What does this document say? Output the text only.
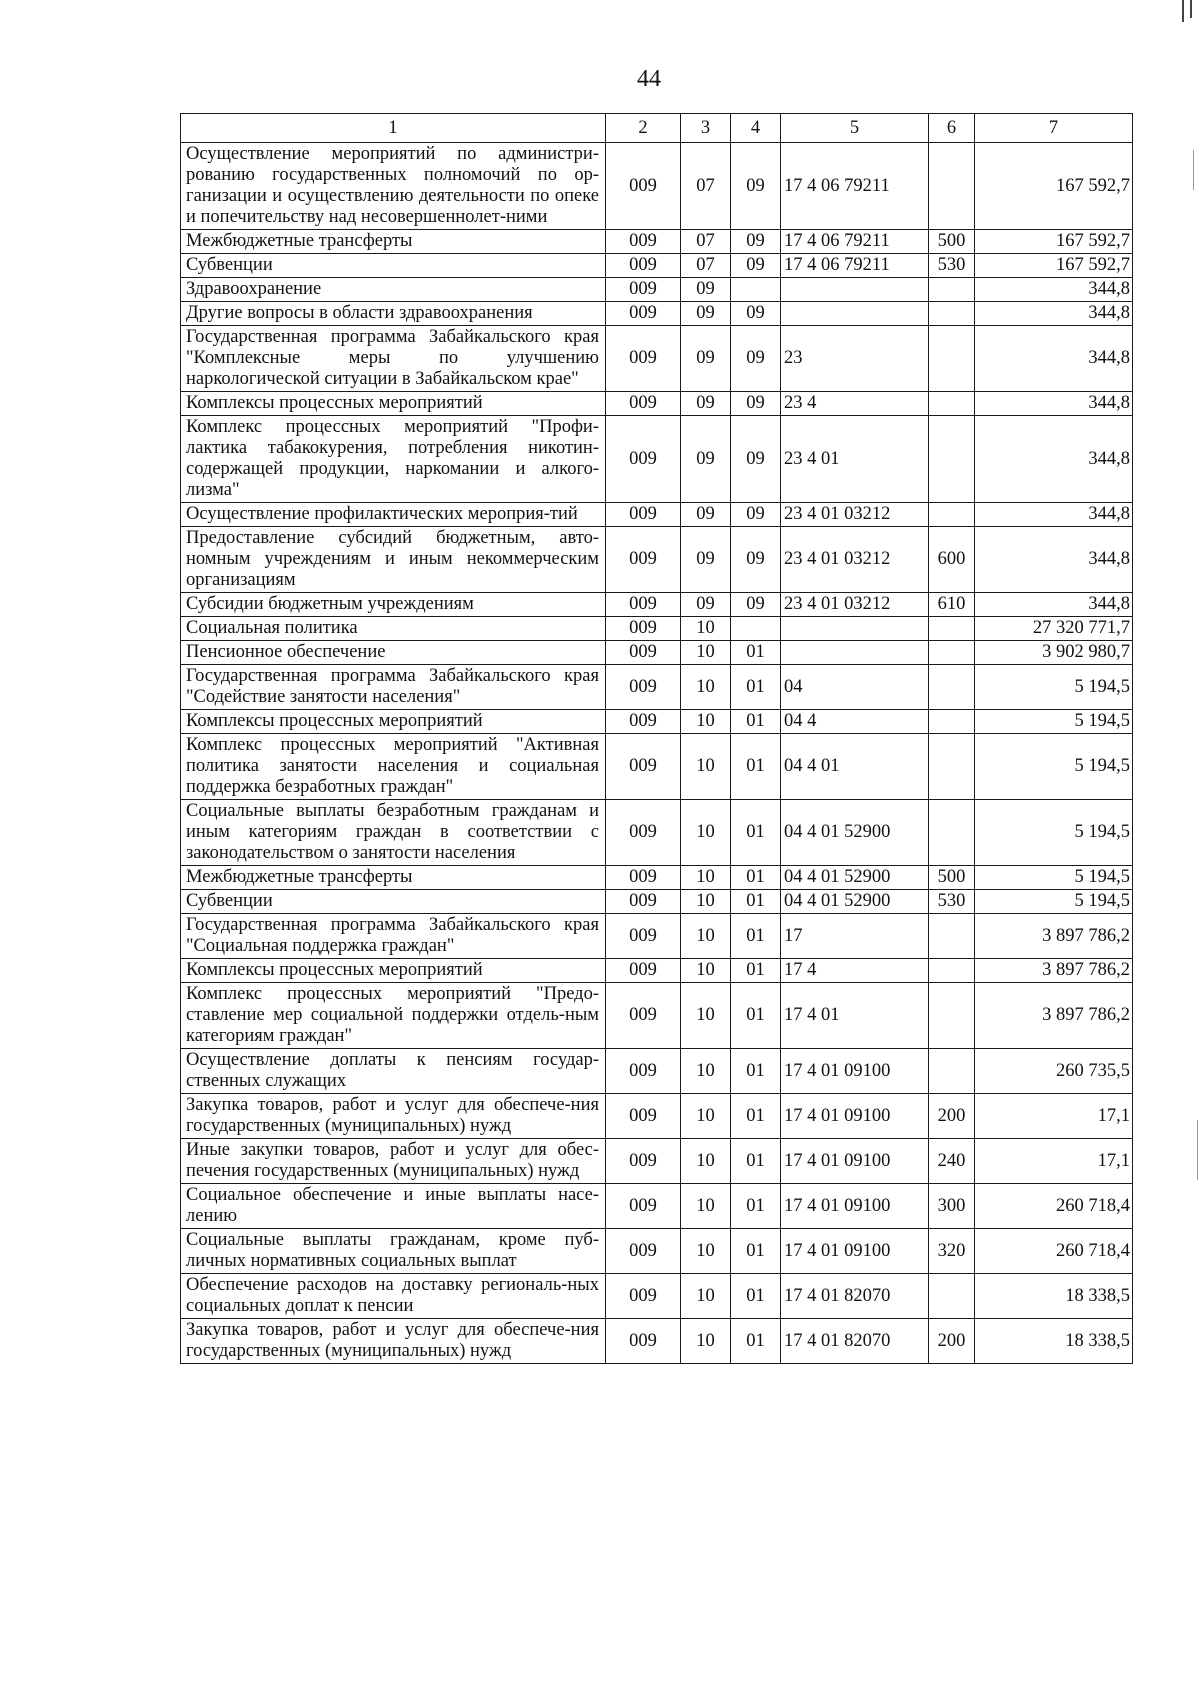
44
1	2	3	4	5	6	7
Осуществление мероприятий по администри-рованию государственных полномочий по ор-ганизации и осуществлению деятельности по опеке и попечительству над несовершеннолет-ними	009	07	09	17 4 06 79211		167 592,7
Межбюджетные трансферты	009	07	09	17 4 06 79211	500	167 592,7
Субвенции	009	07	09	17 4 06 79211	530	167 592,7
Здравоохранение	009	09				344,8
Другие вопросы в области здравоохранения	009	09	09			344,8
Государственная программа Забайкальского края "Комплексные меры по улучшению наркологической ситуации в Забайкальском крае"	009	09	09	23		344,8
Комплексы процессных мероприятий	009	09	09	23 4		344,8
Комплекс процессных мероприятий "Профи-лактика табакокурения, потребления никотин-содержащей продукции, наркомании и алкого-лизма"	009	09	09	23 4 01		344,8
Осуществление профилактических мероприя-тий	009	09	09	23 4 01 03212		344,8
Предоставление субсидий бюджетным, авто-номным учреждениям и иным некоммерческим организациям	009	09	09	23 4 01 03212	600	344,8
Субсидии бюджетным учреждениям	009	09	09	23 4 01 03212	610	344,8
Социальная политика	009	10				27 320 771,7
Пенсионное обеспечение	009	10	01			3 902 980,7
Государственная программа Забайкальского края "Содействие занятости населения"	009	10	01	04		5 194,5
Комплексы процессных мероприятий	009	10	01	04 4		5 194,5
Комплекс процессных мероприятий "Активная политика занятости населения и социальная поддержка безработных граждан"	009	10	01	04 4 01		5 194,5
Социальные выплаты безработным гражданам и иным категориям граждан в соответствии с законодательством о занятости населения	009	10	01	04 4 01 52900		5 194,5
Межбюджетные трансферты	009	10	01	04 4 01 52900	500	5 194,5
Субвенции	009	10	01	04 4 01 52900	530	5 194,5
Государственная программа Забайкальского края "Социальная поддержка граждан"	009	10	01	17		3 897 786,2
Комплексы процессных мероприятий	009	10	01	17 4		3 897 786,2
Комплекс процессных мероприятий "Предо-ставление мер социальной поддержки отдель-ным категориям граждан"	009	10	01	17 4 01		3 897 786,2
Осуществление доплаты к пенсиям государ-ственных служащих	009	10	01	17 4 01 09100		260 735,5
Закупка товаров, работ и услуг для обеспече-ния государственных (муниципальных) нужд	009	10	01	17 4 01 09100	200	17,1
Иные закупки товаров, работ и услуг для обес-печения государственных (муниципальных) нужд	009	10	01	17 4 01 09100	240	17,1
Социальное обеспечение и иные выплаты насе-лению	009	10	01	17 4 01 09100	300	260 718,4
Социальные выплаты гражданам, кроме пуб-личных нормативных социальных выплат	009	10	01	17 4 01 09100	320	260 718,4
Обеспечение расходов на доставку региональ-ных социальных доплат к пенсии	009	10	01	17 4 01 82070		18 338,5
Закупка товаров, работ и услуг для обеспече-ния государственных (муниципальных) нужд	009	10	01	17 4 01 82070	200	18 338,5
